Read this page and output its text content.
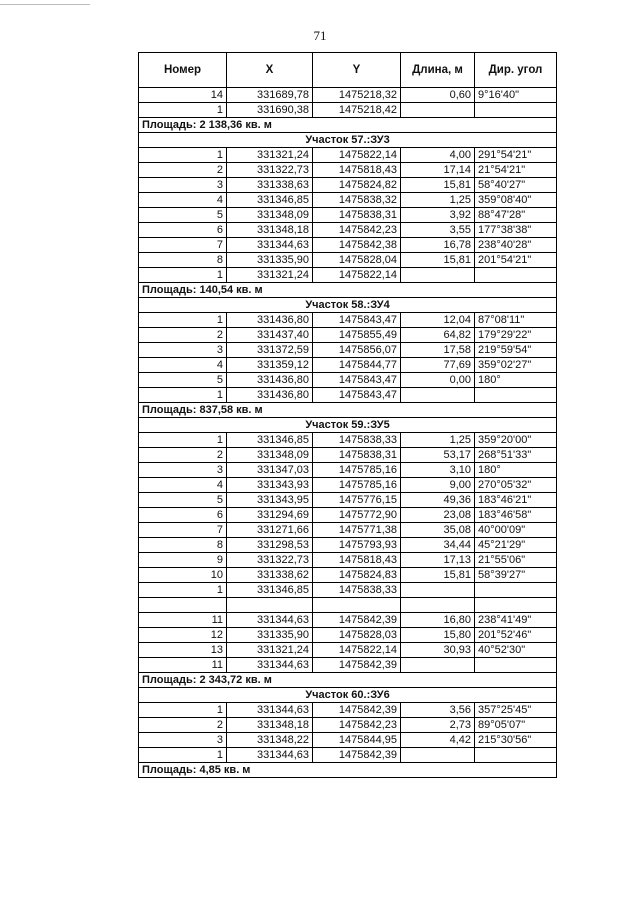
71
Номер	X	Y	Длина, м	Дир. угол
14	331689,78	1475218,32	0,60	9°16'40"
1	331690,38	1475218,42		
Площадь: 2 138,36 кв. м				
Участок 57.:ЗУ3				
1	331321,24	1475822,14	4,00	291°54'21"
2	331322,73	1475818,43	17,14	21°54'21"
3	331338,63	1475824,82	15,81	58°40'27"
4	331346,85	1475838,32	1,25	359°08'40"
5	331348,09	1475838,31	3,92	88°47'28"
6	331348,18	1475842,23	3,55	177°38'38"
7	331344,63	1475842,38	16,78	238°40'28"
8	331335,90	1475828,04	15,81	201°54'21"
1	331321,24	1475822,14		
Площадь: 140,54 кв. м				
Участок 58.:ЗУ4				
1	331436,80	1475843,47	12,04	87°08'11"
2	331437,40	1475855,49	64,82	179°29'22"
3	331372,59	1475856,07	17,58	219°59'54"
4	331359,12	1475844,77	77,69	359°02'27"
5	331436,80	1475843,47	0,00	180°
1	331436,80	1475843,47		
Площадь: 837,58 кв. м				
Участок 59.:ЗУ5				
1	331346,85	1475838,33	1,25	359°20'00"
2	331348,09	1475838,31	53,17	268°51'33"
3	331347,03	1475785,16	3,10	180°
4	331343,93	1475785,16	9,00	270°05'32"
5	331343,95	1475776,15	49,36	183°46'21"
6	331294,69	1475772,90	23,08	183°46'58"
7	331271,66	1475771,38	35,08	40°00'09"
8	331298,53	1475793,93	34,44	45°21'29"
9	331322,73	1475818,43	17,13	21°55'06"
10	331338,62	1475824,83	15,81	58°39'27"
1	331346,85	1475838,33		

11	331344,63	1475842,39	16,80	238°41'49"
12	331335,90	1475828,03	15,80	201°52'46"
13	331321,24	1475822,14	30,93	40°52'30"
11	331344,63	1475842,39		
Площадь: 2 343,72 кв. м				
Участок 60.:ЗУ6				
1	331344,63	1475842,39	3,56	357°25'45"
2	331348,18	1475842,23	2,73	89°05'07"
3	331348,22	1475844,95	4,42	215°30'56"
1	331344,63	1475842,39		
Площадь: 4,85 кв. м				
